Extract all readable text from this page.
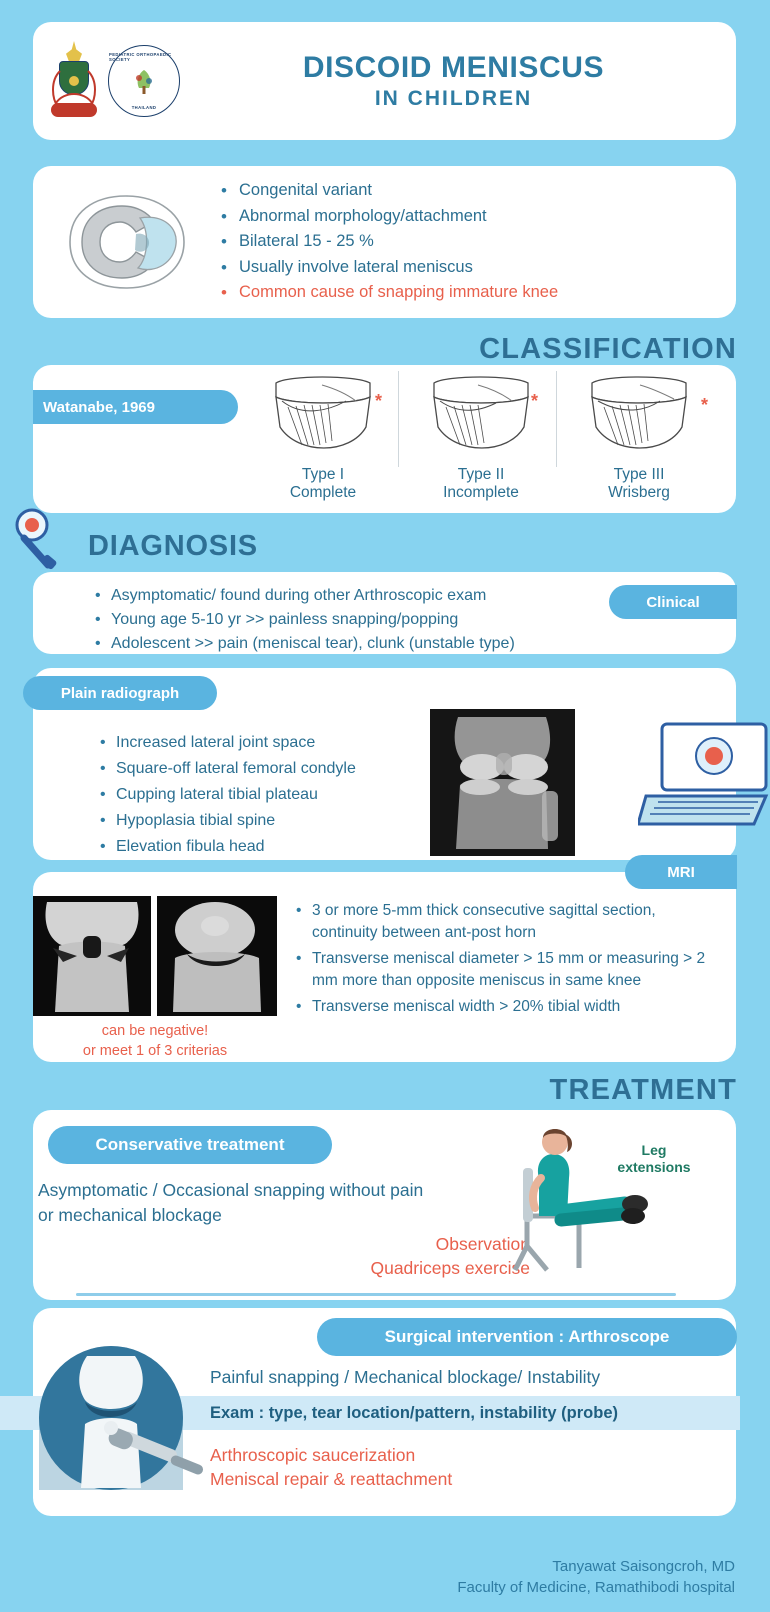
PEDIATRIC ORTHOPAEDIC SOCIETY
THAILAND
DISCOID MENISCUS
IN CHILDREN
• Congenital variant
• Abnormal morphology/attachment
• Bilateral 15 - 25 %
• Usually involve lateral meniscus
• Common cause of snapping immature knee
CLASSIFICATION
Watanabe, 1969	*
Type I
Complete
*
Type II
Incomplete
*
Type III
Wrisberg
DIAGNOSIS
• Asymptomatic/ found during other Arthroscopic exam
• Young age 5-10 yr >> painless snapping/popping
• Adolescent >> pain (meniscal tear), clunk (unstable type)
Clinical
Plain radiograph
• Increased lateral joint space
• Square-off lateral femoral condyle
• Cupping lateral tibial plateau
• Hypoplasia tibial spine
• Elevation fibula head
MRI
can be negative!
or meet 1 of 3 criterias
• 3 or more 5-mm thick consecutive sagittal section, continuity between ant-post horn
• Transverse meniscal diameter > 15 mm or measuring > 2 mm more than opposite meniscus in same knee
• Transverse meniscal width > 20% tibial width
TREATMENT
Conservative treatment
Asymptomatic / Occasional snapping without pain or mechanical blockage
Observation
Quadriceps exercise
Leg
extensions
Surgical intervention : Arthroscope
Painful snapping / Mechanical blockage/ Instability
Exam : type, tear location/pattern, instability (probe)
Arthroscopic saucerization
Meniscal repair & reattachment
Tanyawat Saisongcroh, MD
Faculty of Medicine, Ramathibodi hospital
